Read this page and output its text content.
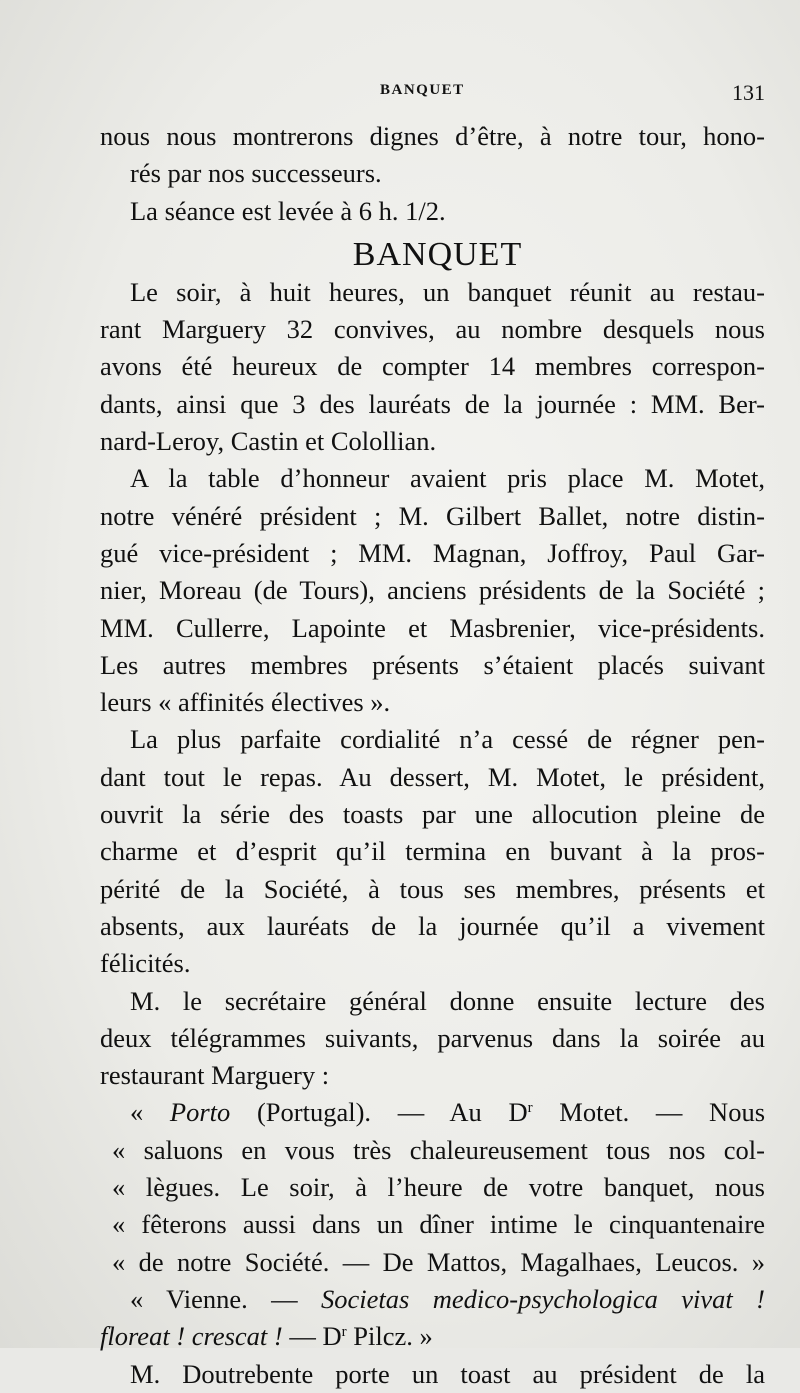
BANQUET	131
nous nous montrerons dignes d’être, à notre tour, hono-
rés par nos successeurs.
La séance est levée à 6 h. 1/2.
BANQUET
Le soir, à huit heures, un banquet réunit au restau-
rant Marguery 32 convives, au nombre desquels nous
avons été heureux de compter 14 membres correspon-
dants, ainsi que 3 des lauréats de la journée : MM. Ber-
nard-Leroy, Castin et Colollian.
A la table d’honneur avaient pris place M. Motet,
notre vénéré président ; M. Gilbert Ballet, notre distin-
gué vice-président ; MM. Magnan, Joffroy, Paul Gar-
nier, Moreau (de Tours), anciens présidents de la Société ;
MM. Cullerre, Lapointe et Masbrenier, vice-présidents.
Les autres membres présents s’étaient placés suivant
leurs « affinités électives ».
La plus parfaite cordialité n’a cessé de régner pen-
dant tout le repas. Au dessert, M. Motet, le président,
ouvrit la série des toasts par une allocution pleine de
charme et d’esprit qu’il termina en buvant à la pros-
périté de la Société, à tous ses membres, présents et
absents, aux lauréats de la journée qu’il a vivement
félicités.
M. le secrétaire général donne ensuite lecture des
deux télégrammes suivants, parvenus dans la soirée au
restaurant Marguery :
« Porto (Portugal). — Au $D^r$ Motet. — Nous
« saluons en vous très chaleureusement tous nos col-
« lègues. Le soir, à l’heure de votre banquet, nous
« fêterons aussi dans un dîner intime le cinquantenaire
« de notre Société. — De Mattos, Magalhaes, Leucos. »
« Vienne. — Societas medico-psychologica vivat !
floreat ! crescat ! — $D^r$ Pilcz. »
M. Doutrebente porte un toast au président de la
